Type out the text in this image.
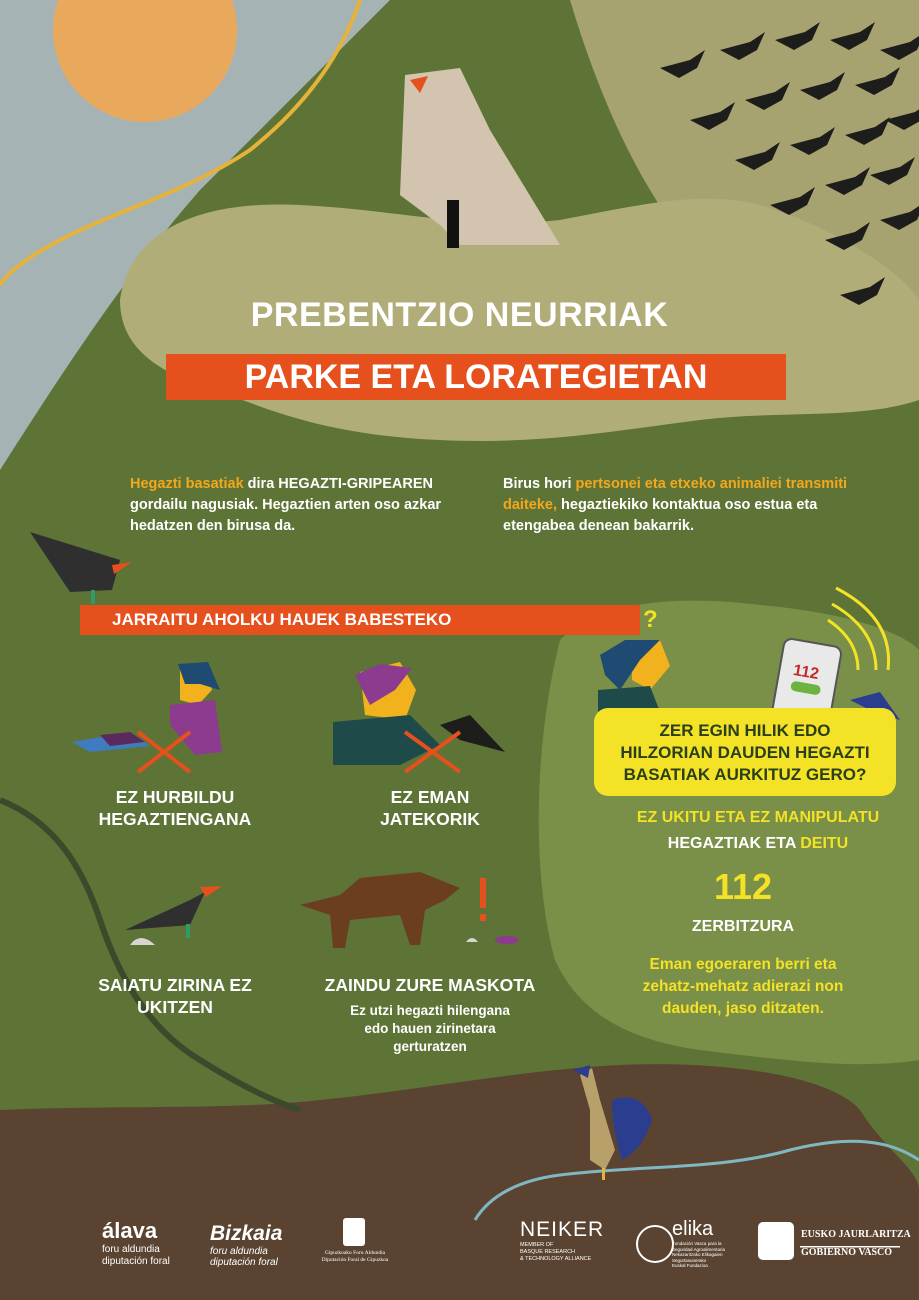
PREBENTZIO NEURRIAK
PARKE ETA LORATEGIETAN
Hegazti basatiak dira HEGAZTI-GRIPEAREN gordailu nagusiak. Hegaztien arten oso azkar hedatzen den birusa da.
Birus hori pertsonei eta etxeko animaliei transmiti daiteke, hegaztiekiko kontaktua oso estua eta etengabea denean bakarrik.
JARRAITU AHOLKU HAUEK BABESTEKO
EZ HURBILDU
HEGAZTIENGANA
EZ EMAN
JATEKORIK
SAIATU ZIRINA EZ
UKITZEN
ZAINDU ZURE MASKOTA
Ez utzi hegazti hilengana
edo hauen zirinetara
gerturatzen
?
112
ZER EGIN HILIK EDO
HILZORIAN DAUDEN HEGAZTI
BASATIAK AURKITUZ GERO?
EZ UKITU ETA EZ MANIPULATU
HEGAZTIAK ETA DEITU
112
ZERBITZURA
Eman egoeraren berri eta
zehatz-mehatz adierazi non
dauden, jaso ditzaten.
álava
foru aldundia
diputación foral
Bizkaia
foru aldundia
diputación foral
Gipuzkoako Foru Aldundia
Diputación Foral de Gipuzkoa
NEIKER
MEMBER OF
BASQUE RESEARCH
& TECHNOLOGY ALLIANCE
elika
Fundación Vasca para la
Seguridad Agroalimentaria
Nekazaritzako Elikagaien
Segurtasunerako
Euskal Fundazioa
EUSKO JAURLARITZA
GOBIERNO VASCO
